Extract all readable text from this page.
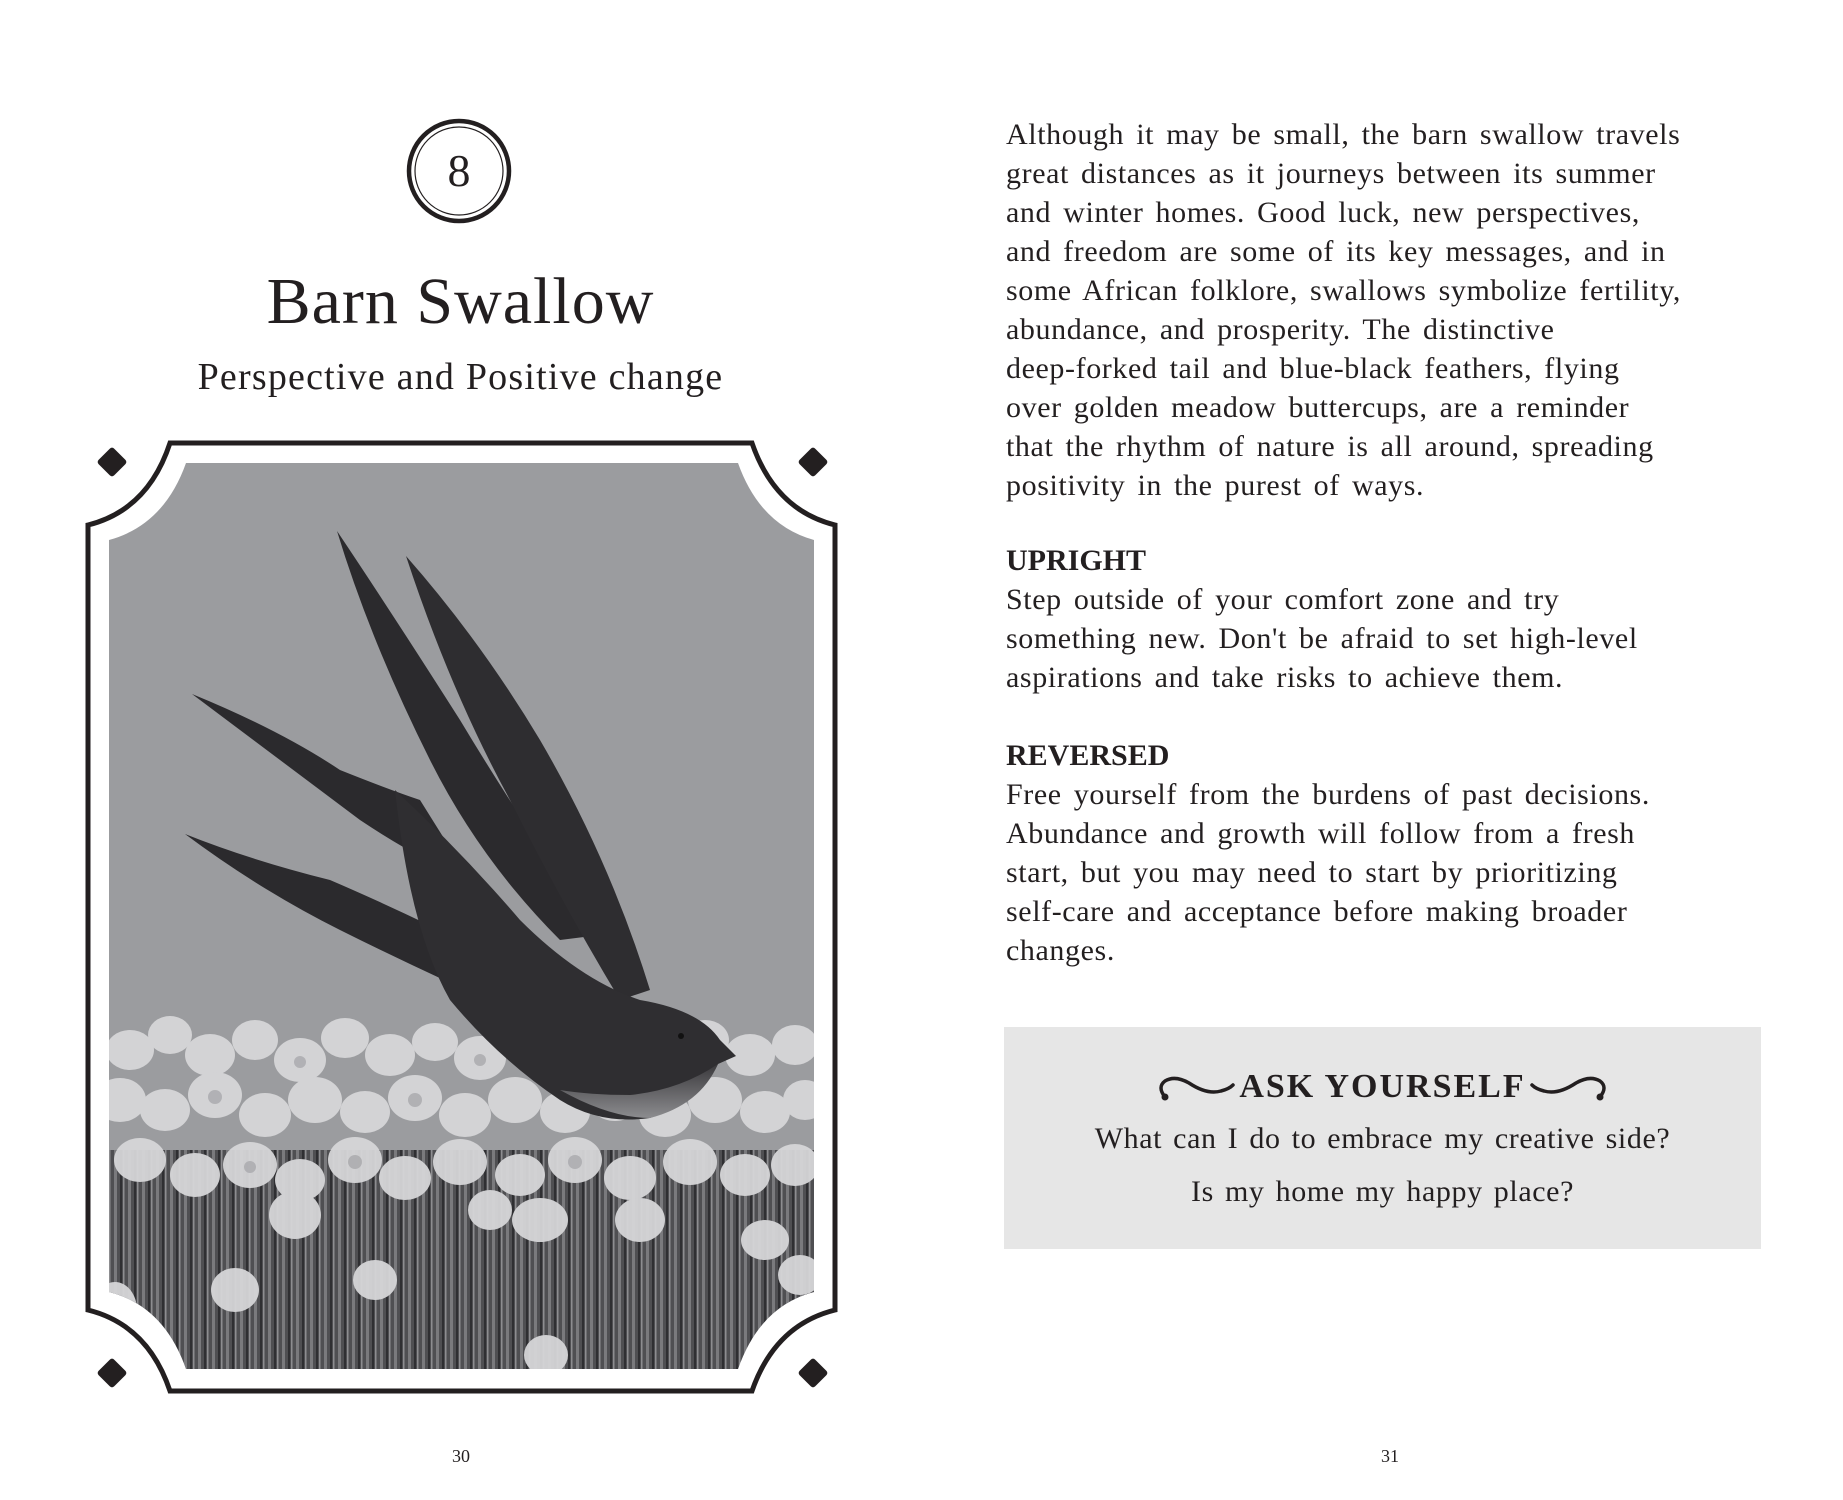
8
Barn Swallow
Perspective and Positive change
30

Although it may be small, the barn swallow travels

great distances as it journeys between its summer

and winter homes. Good luck, new perspectives,

and freedom are some of its key messages, and in

some African folklore, swallows symbolize fertility,

abundance, and prosperity. The distinctive

deep-forked tail and blue-black feathers, flying

over golden meadow buttercups, are a reminder

that the rhythm of nature is all around, spreading

positivity in the purest of ways.

UPRIGHT

Step outside of your comfort zone and try

something new. Don't be afraid to set high-level

aspirations and take risks to achieve them.

REVERSED

Free yourself from the burdens of past decisions.

Abundance and growth will follow from a fresh

start, but you may need to start by prioritizing

self-care and acceptance before making broader

changes.

ASK YOURSELF
What can I do to embrace my creative side?
Is my home my happy place?
31
